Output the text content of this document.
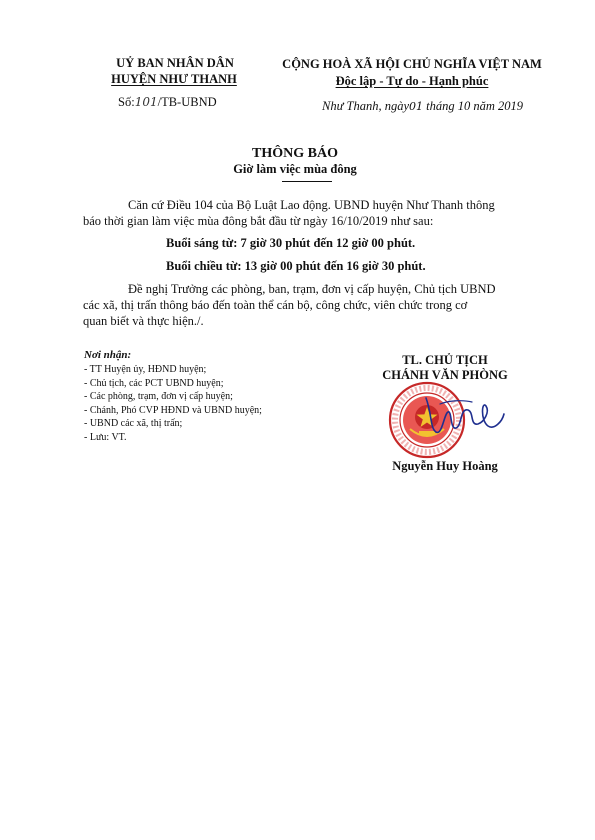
UỶ BAN NHÂN DÂN
HUYỆN NHƯ THANH
Số:101/TB-UBND
CỘNG HOÀ XÃ HỘI CHỦ NGHĨA VIỆT NAM
Độc lập - Tự do - Hạnh phúc
Như Thanh, ngày01 tháng 10 năm 2019
THÔNG BÁO
Giờ làm việc mùa đông
Căn cứ Điều 104 của Bộ Luật Lao động. UBND huyện Như Thanh thông
báo thời gian làm việc mùa đông bắt đầu từ ngày 16/10/2019 như sau:
Buổi sáng từ: 7 giờ 30 phút đến 12 giờ 00 phút.
Buổi chiều từ: 13 giờ 00 phút đến 16 giờ 30 phút.
Đề nghị Trưởng các phòng, ban, trạm, đơn vị cấp huyện, Chủ tịch UBND
các xã, thị trấn thông báo đến toàn thể cán bộ, công chức, viên chức trong cơ
quan biết và thực hiện./.
Nơi nhận:
- TT Huyện ủy, HĐND huyện;
- Chủ tịch, các PCT UBND huyện;
- Các phòng, trạm, đơn vị cấp huyện;
- Chánh, Phó CVP HĐND và UBND huyện;
- UBND các xã, thị trấn;
- Lưu: VT.
TL. CHỦ TỊCH
CHÁNH VĂN PHÒNG
Nguyễn Huy Hoàng
